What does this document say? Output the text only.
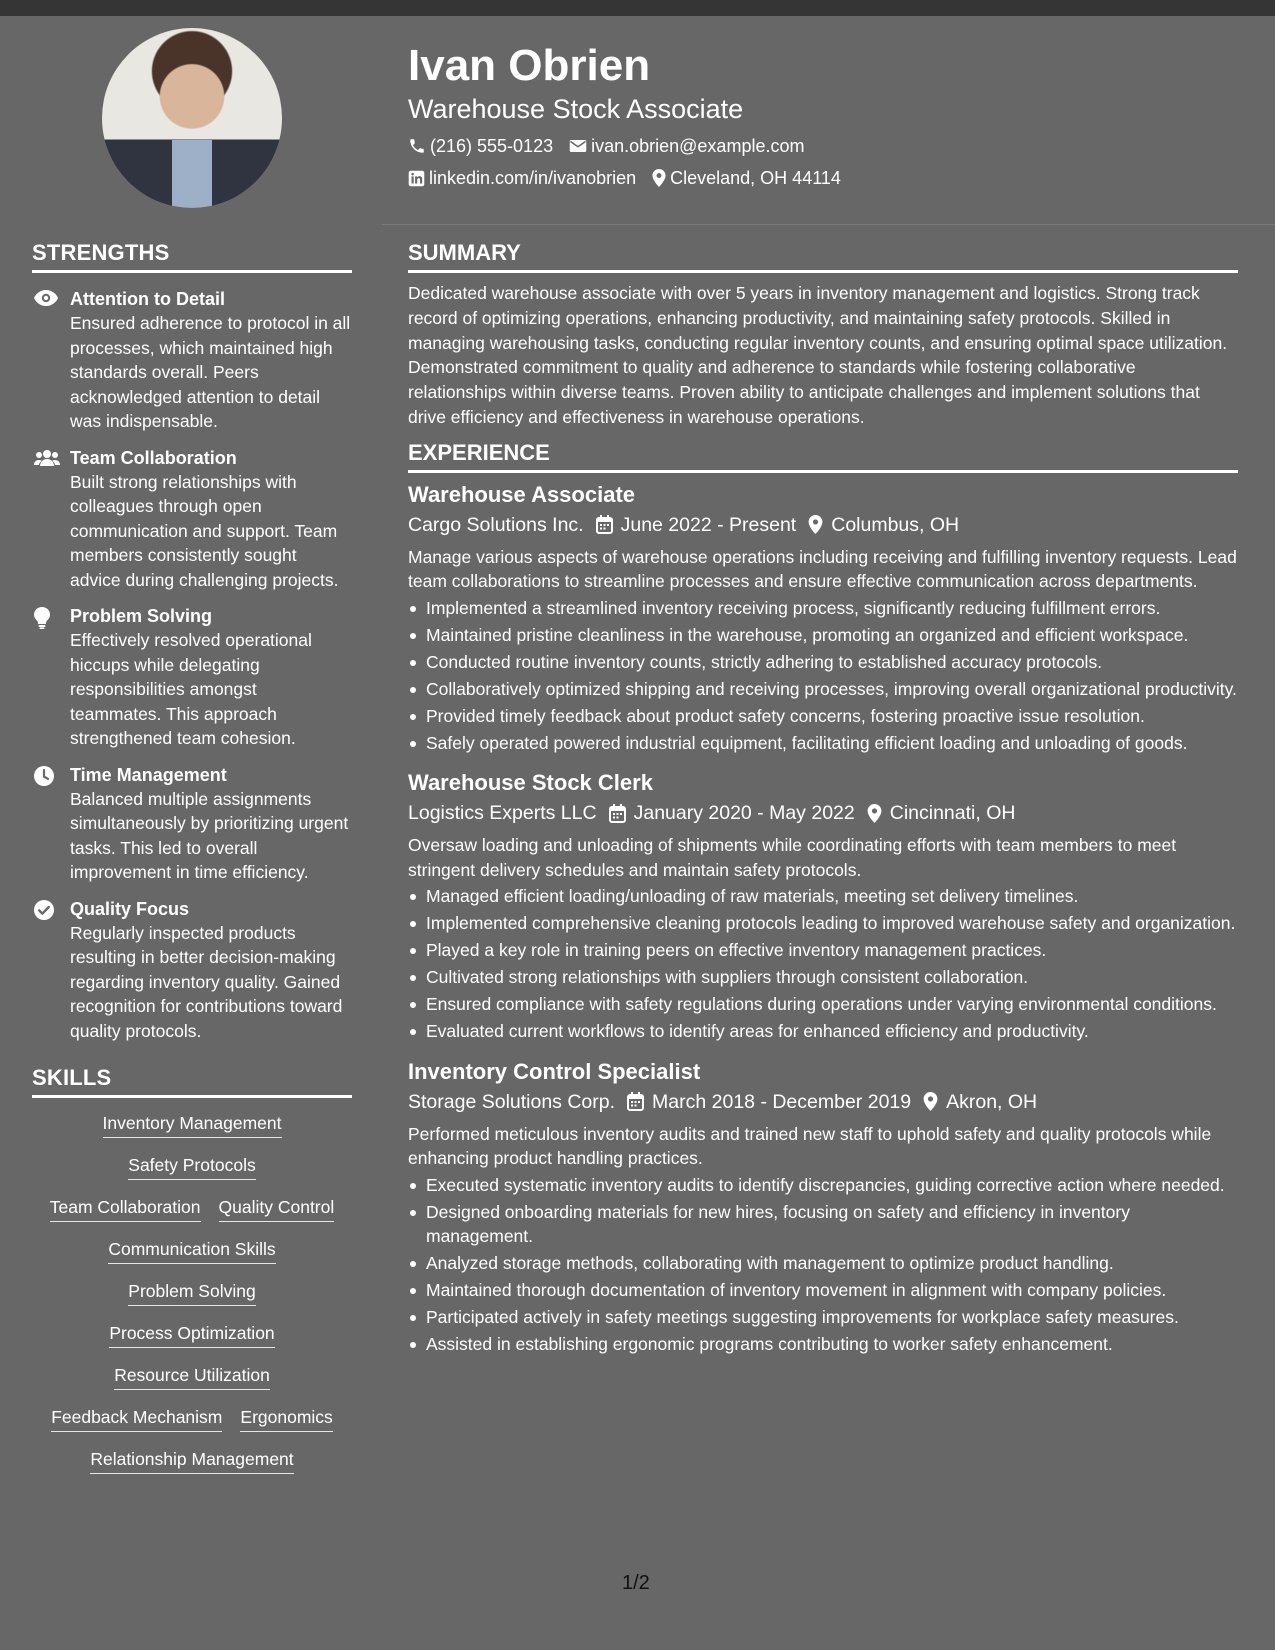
STRENGTHS
Attention to Detail
Ensured adherence to protocol in all processes, which maintained high standards overall. Peers acknowledged attention to detail was indispensable.
Team Collaboration
Built strong relationships with colleagues through open communication and support. Team members consistently sought advice during challenging projects.
Problem Solving
Effectively resolved operational hiccups while delegating responsibilities amongst teammates. This approach strengthened team cohesion.
Time Management
Balanced multiple assignments simultaneously by prioritizing urgent tasks. This led to overall improvement in time efficiency.
Quality Focus
Regularly inspected products resulting in better decision-making regarding inventory quality. Gained recognition for contributions toward quality protocols.
SKILLS
Inventory Management
Safety Protocols
Team Collaboration Quality Control
Communication Skills
Problem Solving
Process Optimization
Resource Utilization
Feedback Mechanism Ergonomics
Relationship Management
Ivan Obrien
Warehouse Stock Associate
(216) 555-0123 ivan.obrien@example.com
linkedin.com/in/ivanobrien Cleveland, OH 44114
SUMMARY
Dedicated warehouse associate with over 5 years in inventory management and logistics. Strong track record of optimizing operations, enhancing productivity, and maintaining safety protocols. Skilled in managing warehousing tasks, conducting regular inventory counts, and ensuring optimal space utilization. Demonstrated commitment to quality and adherence to standards while fostering collaborative relationships within diverse teams. Proven ability to anticipate challenges and implement solutions that drive efficiency and effectiveness in warehouse operations.
EXPERIENCE
Warehouse Associate
Cargo Solutions Inc. June 2022 - Present Columbus, OH
Manage various aspects of warehouse operations including receiving and fulfilling inventory requests. Lead team collaborations to streamline processes and ensure effective communication across departments.
Implemented a streamlined inventory receiving process, significantly reducing fulfillment errors.
Maintained pristine cleanliness in the warehouse, promoting an organized and efficient workspace.
Conducted routine inventory counts, strictly adhering to established accuracy protocols.
Collaboratively optimized shipping and receiving processes, improving overall organizational productivity.
Provided timely feedback about product safety concerns, fostering proactive issue resolution.
Safely operated powered industrial equipment, facilitating efficient loading and unloading of goods.
Warehouse Stock Clerk
Logistics Experts LLC January 2020 - May 2022 Cincinnati, OH
Oversaw loading and unloading of shipments while coordinating efforts with team members to meet stringent delivery schedules and maintain safety protocols.
Managed efficient loading/unloading of raw materials, meeting set delivery timelines.
Implemented comprehensive cleaning protocols leading to improved warehouse safety and organization.
Played a key role in training peers on effective inventory management practices.
Cultivated strong relationships with suppliers through consistent collaboration.
Ensured compliance with safety regulations during operations under varying environmental conditions.
Evaluated current workflows to identify areas for enhanced efficiency and productivity.
Inventory Control Specialist
Storage Solutions Corp. March 2018 - December 2019 Akron, OH
Performed meticulous inventory audits and trained new staff to uphold safety and quality protocols while enhancing product handling practices.
Executed systematic inventory audits to identify discrepancies, guiding corrective action where needed.
Designed onboarding materials for new hires, focusing on safety and efficiency in inventory management.
Analyzed storage methods, collaborating with management to optimize product handling.
Maintained thorough documentation of inventory movement in alignment with company policies.
Participated actively in safety meetings suggesting improvements for workplace safety measures.
Assisted in establishing ergonomic programs contributing to worker safety enhancement.
1/2
